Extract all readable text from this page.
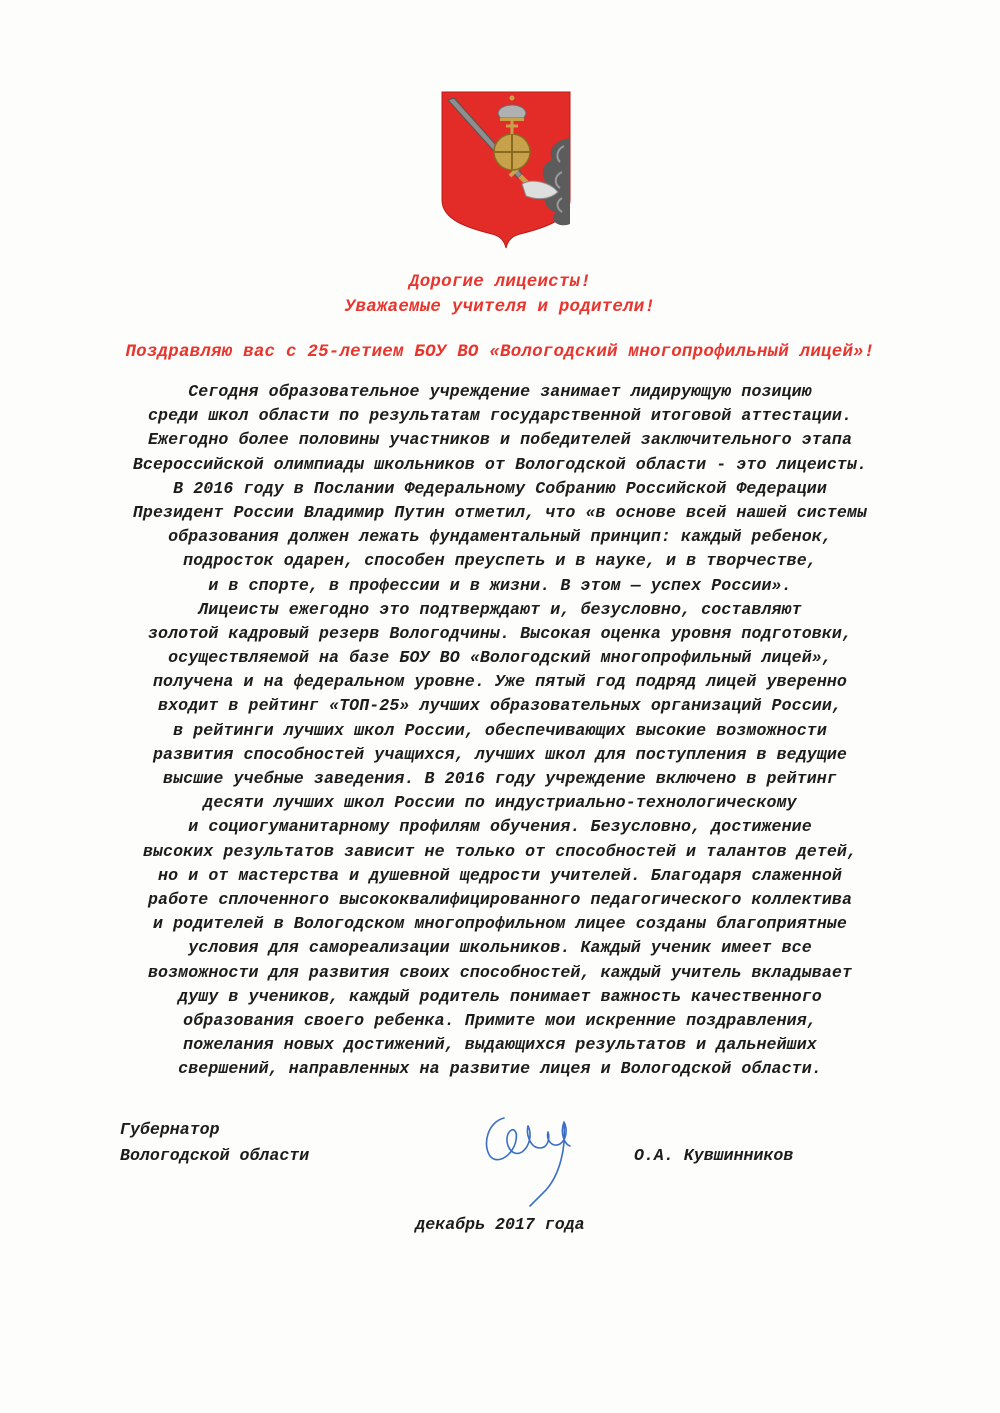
Дорогие лицеисты!
Уважаемые учителя и родители!
Поздравляю вас с 25-летием БОУ ВО «Вологодский многопрофильный лицей»!
Сегодня образовательное учреждение занимает лидирующую позицию
среди школ области по результатам государственной итоговой аттестации.
Ежегодно более половины участников и победителей заключительного этапа
Всероссийской олимпиады школьников от Вологодской области - это лицеисты.
В 2016 году в Послании Федеральному Собранию Российской Федерации
Президент России Владимир Путин отметил, что «в основе всей нашей системы
образования должен лежать фундаментальный принцип: каждый ребенок,
подросток одарен, способен преуспеть и в науке, и в творчестве,
и в спорте, в профессии и в жизни. В этом — успех России».
Лицеисты ежегодно это подтверждают и, безусловно, составляют
золотой кадровый резерв Вологодчины. Высокая оценка уровня подготовки,
осуществляемой на базе БОУ ВО «Вологодский многопрофильный лицей»,
получена и на федеральном уровне. Уже пятый год подряд лицей уверенно
входит в рейтинг «ТОП-25» лучших образовательных организаций России,
в рейтинги лучших школ России, обеспечивающих высокие возможности
развития способностей учащихся, лучших школ для поступления в ведущие
высшие учебные заведения. В 2016 году учреждение включено в рейтинг
десяти лучших школ России по индустриально-технологическому
и социогуманитарному профилям обучения. Безусловно, достижение
высоких результатов зависит не только от способностей и талантов детей,
но и от мастерства и душевной щедрости учителей. Благодаря слаженной
работе сплоченного высококвалифицированного педагогического коллектива
и родителей в Вологодском многопрофильном лицее созданы благоприятные
условия для самореализации школьников. Каждый ученик имеет все
возможности для развития своих способностей, каждый учитель вкладывает
душу в учеников, каждый родитель понимает важность качественного
образования своего ребенка. Примите мои искренние поздравления,
пожелания новых достижений, выдающихся результатов и дальнейших
свершений, направленных на развитие лицея и Вологодской области.
Губернатор
Вологодской области	О.А. Кувшинников
декабрь 2017 года
